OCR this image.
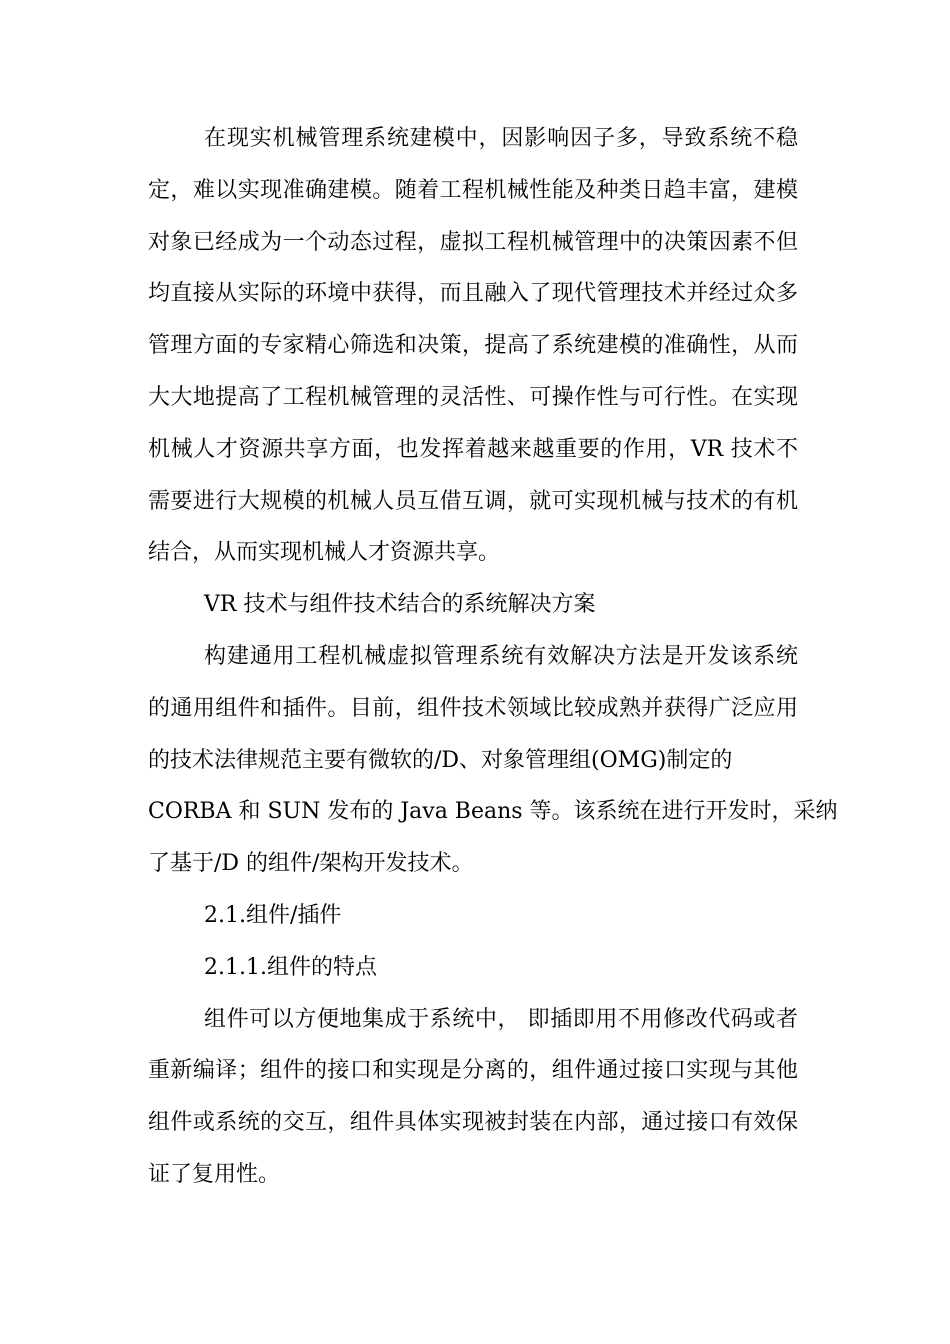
在现实机械管理系统建模中，因影响因子多，导致系统不稳
定，难以实现准确建模。随着工程机械性能及种类日趋丰富，建模
对象已经成为一个动态过程，虚拟工程机械管理中的决策因素不但
均直接从实际的环境中获得，而且融入了现代管理技术并经过众多
管理方面的专家精心筛选和决策，提高了系统建模的准确性，从而
大大地提高了工程机械管理的灵活性、可操作性与可行性。在实现
机械人才资源共享方面，也发挥着越来越重要的作用，VR 技术不
需要进行大规模的机械人员互借互调，就可实现机械与技术的有机
结合，从而实现机械人才资源共享。
VR 技术与组件技术结合的系统解决方案
构建通用工程机械虚拟管理系统有效解决方法是开发该系统
的通用组件和插件。目前，组件技术领域比较成熟并获得广泛应用
的技术法律规范主要有微软的/D、对象管理组(OMG)制定的
CORBA 和 SUN 发布的 Java Beans 等。该系统在进行开发时，采纳
了基于/D 的组件/架构开发技术。
2.1.组件/插件
2.1.1.组件的特点
组件可以方便地集成于系统中， 即插即用不用修改代码或者
重新编译；组件的接口和实现是分离的，组件通过接口实现与其他
组件或系统的交互，组件具体实现被封装在内部，通过接口有效保
证了复用性。
